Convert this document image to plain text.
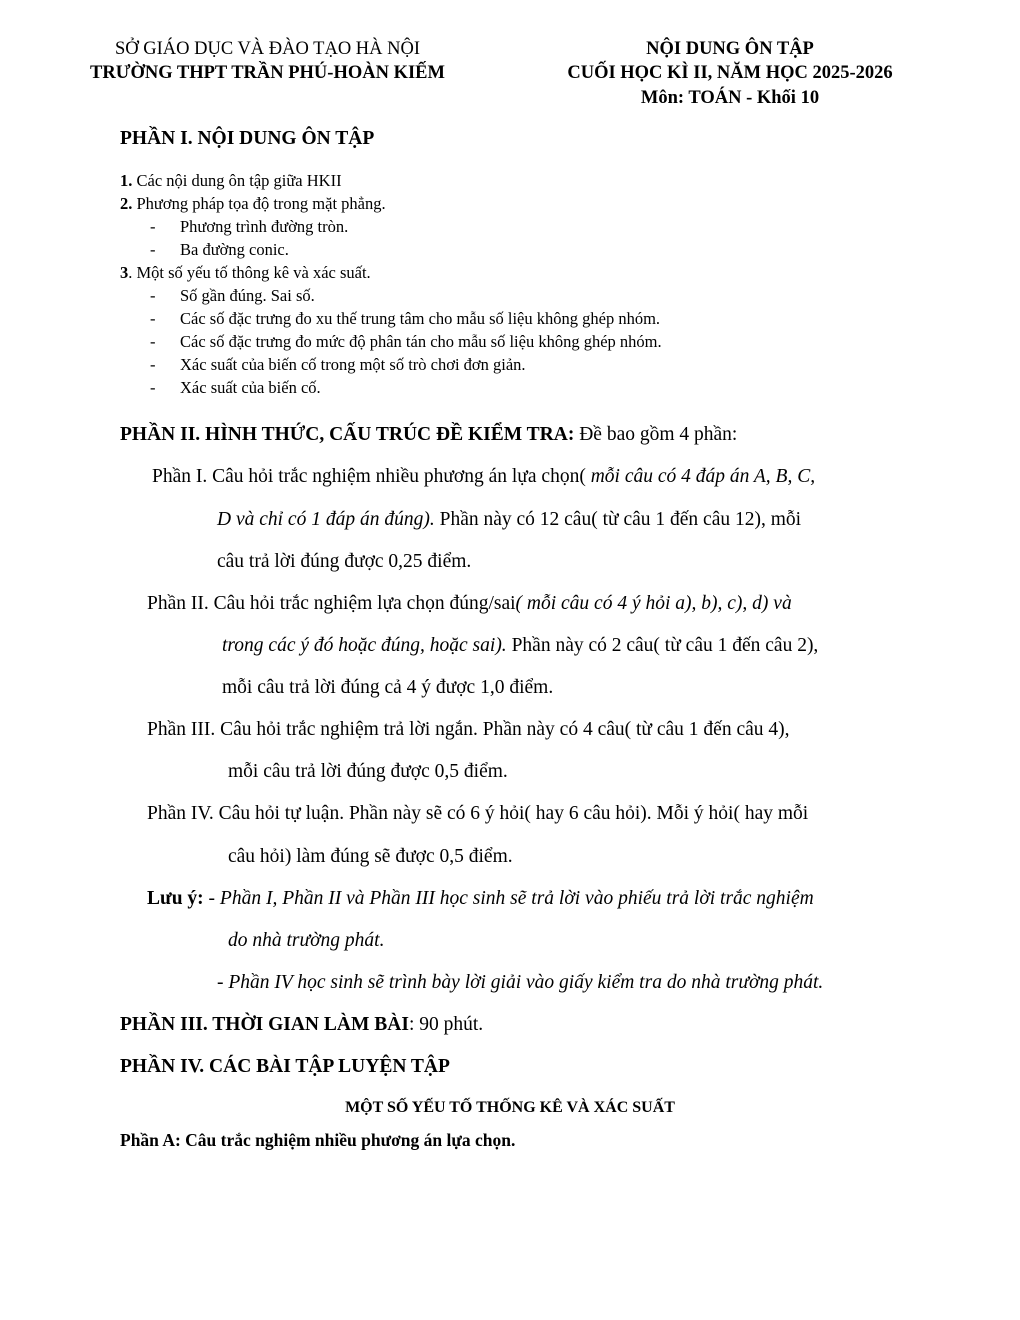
SỞ GIÁO DỤC VÀ ĐÀO TẠO HÀ NỘI
TRƯỜNG THPT TRẦN PHÚ-HOÀN KIẾM
NỘI DUNG ÔN TẬP
CUỐI HỌC KÌ II, NĂM HỌC 2025-2026
Môn: TOÁN - Khối 10
PHẦN I. NỘI DUNG ÔN TẬP
1. Các nội dung ôn tập giữa HKII
2. Phương pháp tọa độ trong mặt phẳng.
- Phương trình đường tròn.
- Ba đường conic.
3. Một số yếu tố thông kê và xác suất.
- Số gần đúng. Sai số.
- Các số đặc trưng đo xu thế trung tâm cho mẫu số liệu không ghép nhóm.
- Các số đặc trưng đo mức độ phân tán cho mẫu số liệu không ghép nhóm.
- Xác suất của biến cố trong một số trò chơi đơn giản.
- Xác suất của biến cố.
PHẦN II. HÌNH THỨC, CẤU TRÚC ĐỀ KIỂM TRA: Đề bao gồm 4 phần:
Phần I. Câu hỏi trắc nghiệm nhiều phương án lựa chọn( mỗi câu có 4 đáp án A, B, C,
D và chỉ có 1 đáp án đúng). Phần này có 12 câu( từ câu 1 đến câu 12), mỗi
câu trả lời đúng được 0,25 điểm.
Phần II. Câu hỏi trắc nghiệm lựa chọn đúng/sai( mỗi câu có 4 ý hỏi a), b), c), d) và
trong các ý đó hoặc đúng, hoặc sai). Phần này có 2 câu( từ câu 1 đến câu 2),
mỗi câu trả lời đúng cả 4 ý được 1,0 điểm.
Phần III. Câu hỏi trắc nghiệm trả lời ngắn. Phần này có 4 câu( từ câu 1 đến câu 4),
mỗi câu trả lời đúng được 0,5 điểm.
Phần IV. Câu hỏi tự luận. Phần này sẽ có 6 ý hỏi( hay 6 câu hỏi). Mỗi ý hỏi( hay mỗi
câu hỏi) làm đúng sẽ được 0,5 điểm.
Lưu ý: - Phần I, Phần II và Phần III học sinh sẽ trả lời vào phiếu trả lời trắc nghiệm
do nhà trường phát.
- Phần IV học sinh sẽ trình bày lời giải vào giấy kiểm tra do nhà trường phát.
PHẦN III. THỜI GIAN LÀM BÀI: 90 phút.
PHẦN IV. CÁC BÀI TẬP LUYỆN TẬP
MỘT SỐ YẾU TỐ THỐNG KÊ VÀ XÁC SUẤT
Phần A: Câu trắc nghiệm nhiều phương án lựa chọn.
